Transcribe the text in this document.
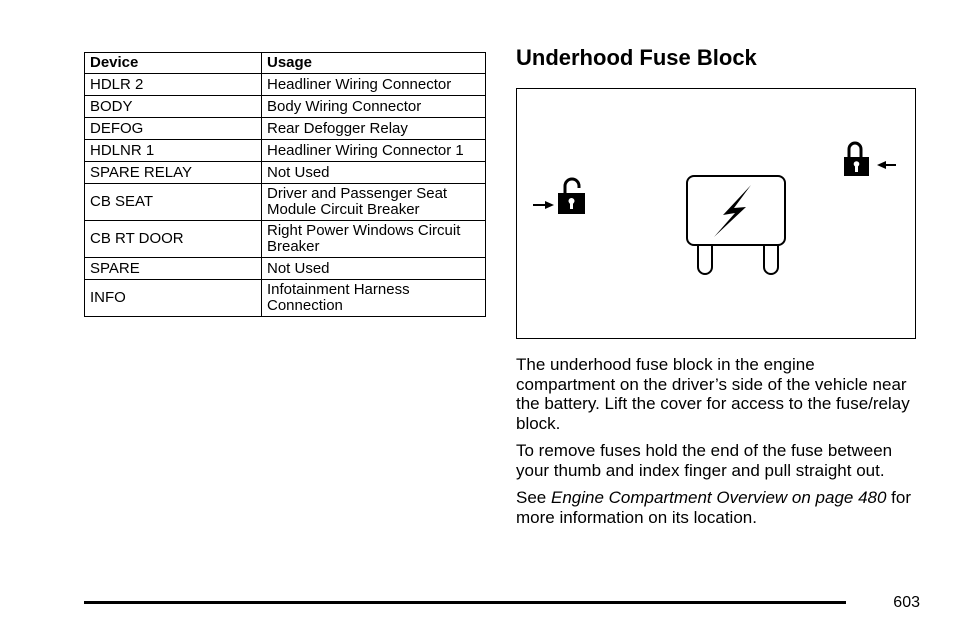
Device	Usage
HDLR 2	Headliner Wiring Connector
BODY	Body Wiring Connector
DEFOG	Rear Defogger Relay
HDLNR 1	Headliner Wiring Connector 1
SPARE RELAY	Not Used
CB SEAT	Driver and Passenger Seat Module Circuit Breaker
CB RT DOOR	Right Power Windows Circuit Breaker
SPARE	Not Used
INFO	Infotainment Harness Connection
Underhood Fuse Block

The underhood fuse block in the engine compartment on the driver’s side of the vehicle near the battery. Lift the cover for access to the fuse/relay block.

To remove fuses hold the end of the fuse between your thumb and index finger and pull straight out.

See Engine Compartment Overview on page 480 for more information on its location.

603
